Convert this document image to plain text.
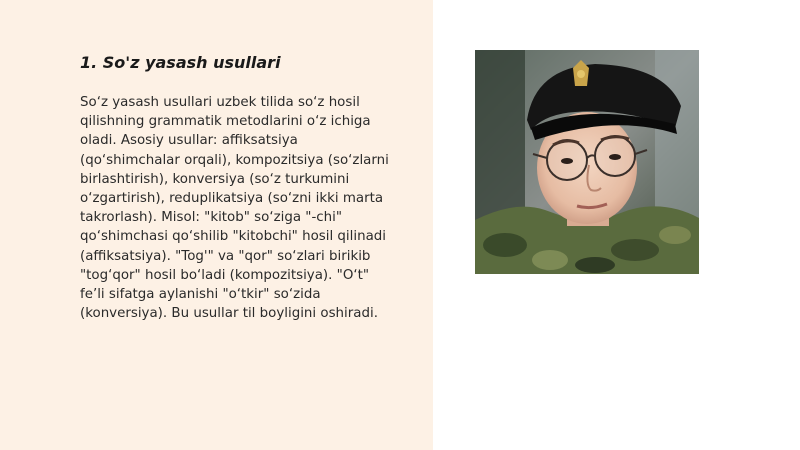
1. So'z yasash usullari

So‘z yasash usullari uzbek tilida so‘z hosil
qilishning grammatik metodlarini o‘z ichiga
oladi. Asosiy usullar: affiksatsiya
(qo‘shimchalar orqali), kompozitsiya (so‘zlarni
birlashtirish), konversiya (so‘z turkumini
o‘zgartirish), reduplikatsiya (so‘zni ikki marta
takrorlash). Misol: "kitob" so‘ziga "-chi"
qo‘shimchasi qo‘shilib "kitobchi" hosil qilinadi
(affiksatsiya). "Tog'" va "qor" so‘zlari birikib
"tog‘qor" hosil bo‘ladi (kompozitsiya). "O‘t"
fe’li sifatga aylanishi "o‘tkir" so‘zida
(konversiya). Bu usullar til boyligini oshiradi.
